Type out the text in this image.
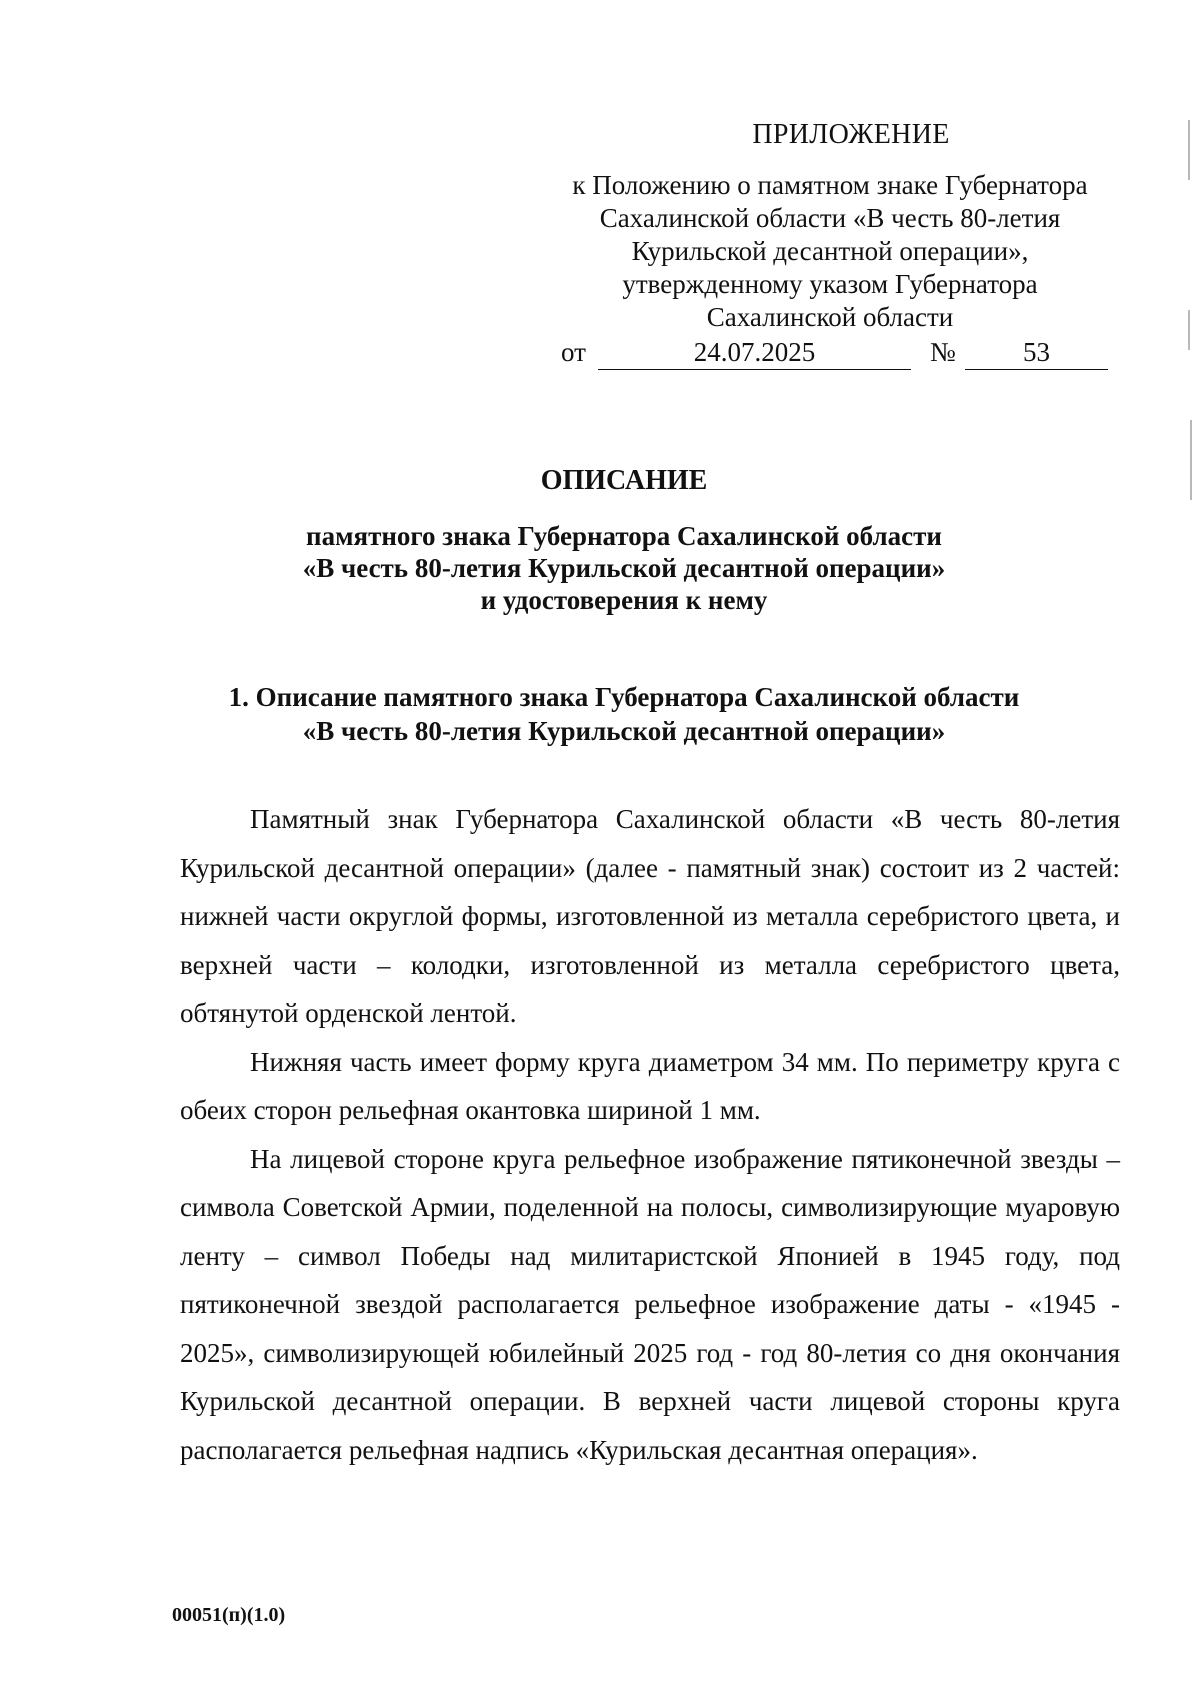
ПРИЛОЖЕНИЕ
к Положению о памятном знаке Губернатора
Сахалинской области «В честь 80-летия
Курильской десантной операции»,
утвержденному указом Губернатора
Сахалинской области
от	24.07.2025	№	53
ОПИСАНИЕ
памятного знака Губернатора Сахалинской области
«В честь 80-летия Курильской десантной операции»
и удостоверения к нему
1. Описание памятного знака Губернатора Сахалинской области
«В честь 80-летия Курильской десантной операции»

Памятный знак Губернатора Сахалинской области «В честь 80-летия Курильской десантной операции» (далее - памятный знак) состоит из 2 частей: нижней части округлой формы, изготовленной из металла серебристого цвета, и верхней части – колодки, изготовленной из металла серебристого цвета, обтянутой орденской лентой.

Нижняя часть имеет форму круга диаметром 34 мм. По периметру круга с обеих сторон рельефная окантовка шириной 1 мм.

На лицевой стороне круга рельефное изображение пятиконечной звезды – символа Советской Армии, поделенной на полосы, символизирующие муаровую ленту – символ Победы над милитаристской Японией в 1945 году, под пятиконечной звездой располагается рельефное изображение даты - «1945 - 2025», символизирующей юбилейный 2025 год - год 80-летия со дня окончания Курильской десантной операции. В верхней части лицевой стороны круга располагается рельефная надпись «Курильская десантная операция».

00051(п)(1.0)
